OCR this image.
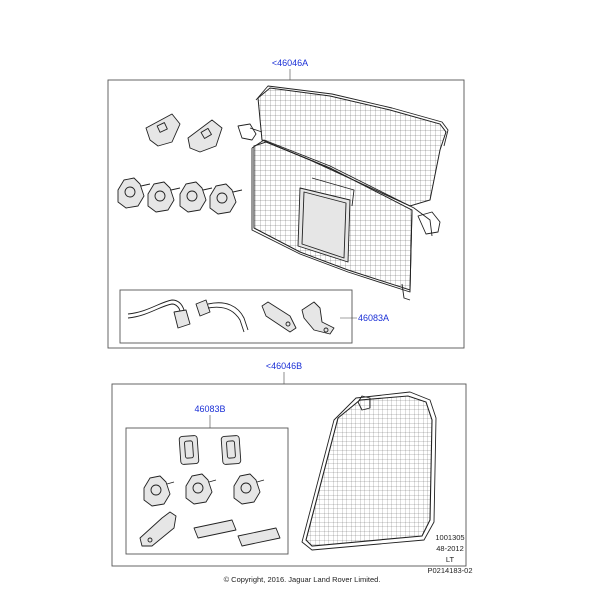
<46046A
46083A
<46046B
46083B
1001305
48-2012
LT
P0214183-02
© Copyright, 2016. Jaguar Land Rover Limited.
